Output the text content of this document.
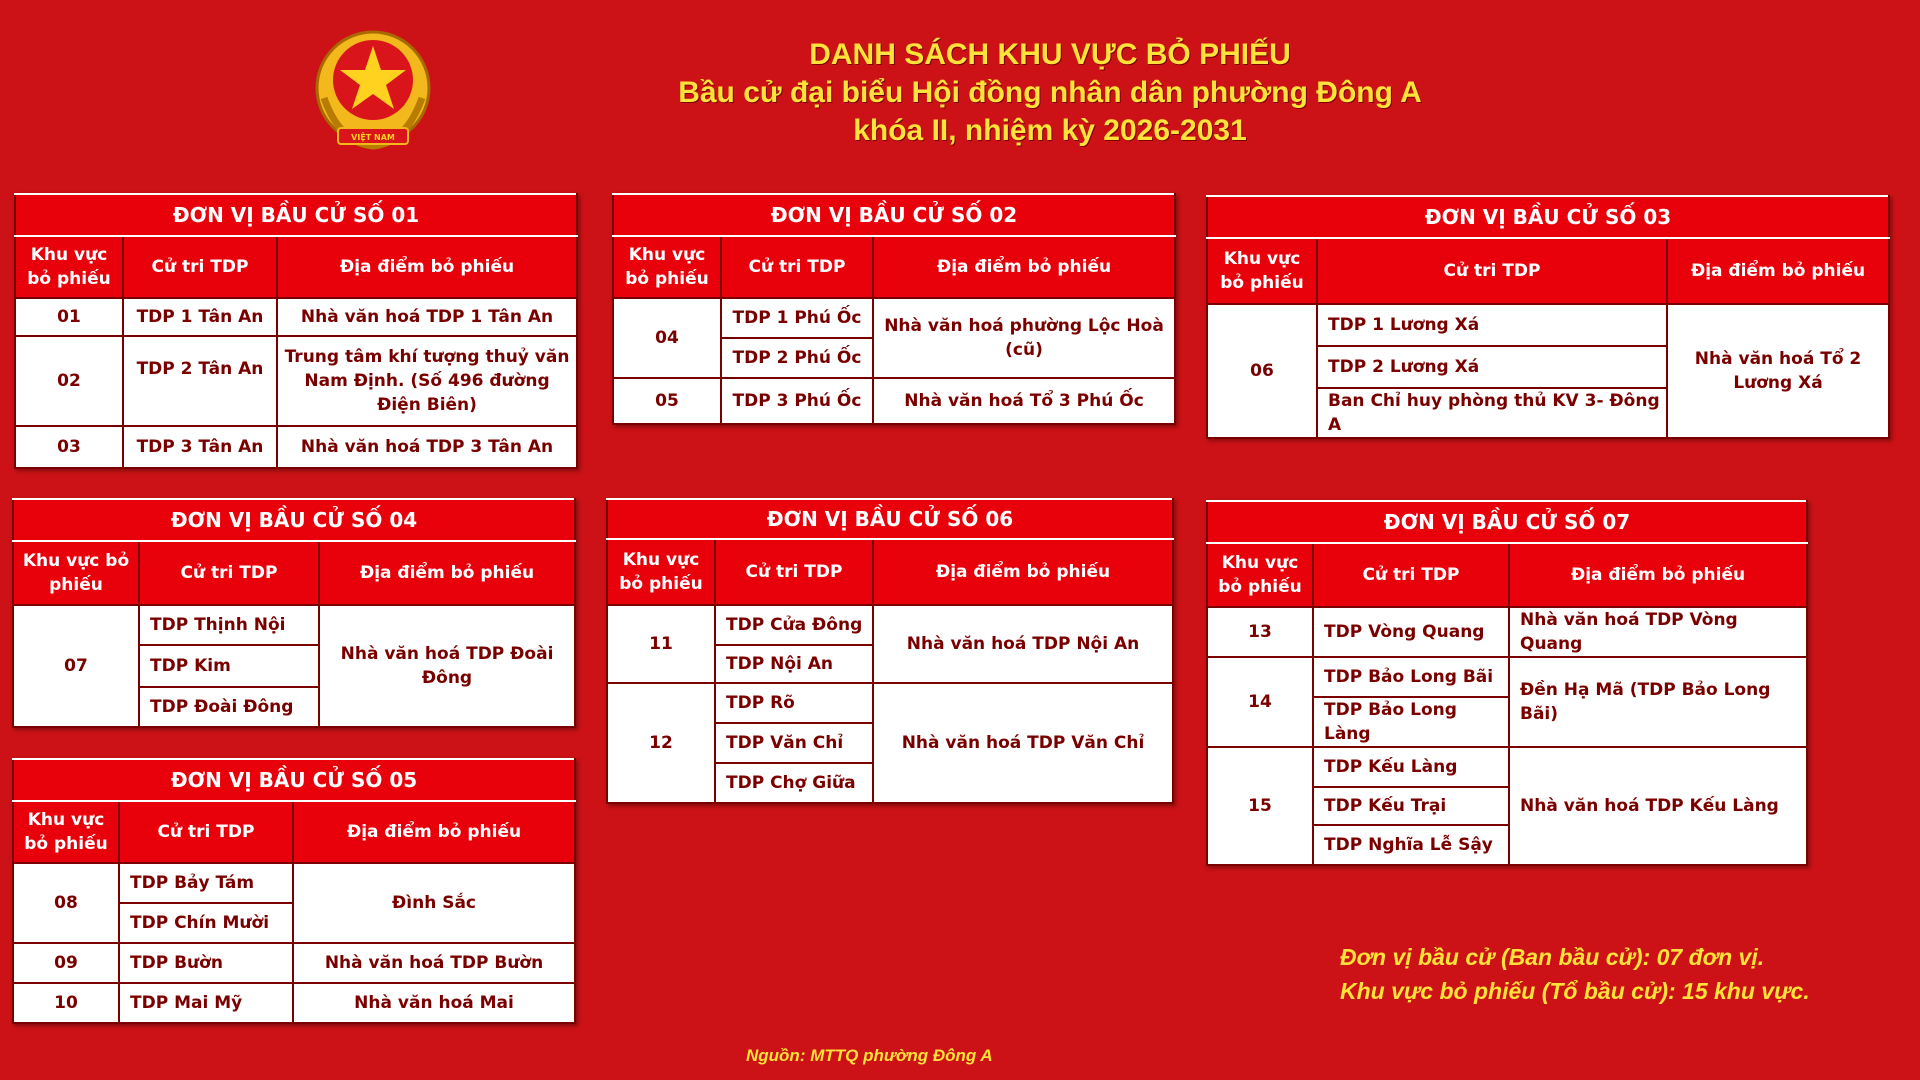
VIỆT NAM
DANH SÁCH KHU VỰC BỎ PHIẾU
Bầu cử đại biểu Hội đồng nhân dân phường Đông A
khóa II, nhiệm kỳ 2026-2031
ĐƠN VỊ BẦU CỬ SỐ 01		
Khu vực bỏ phiếu	Cử tri TDP	Địa điểm bỏ phiếu
01	TDP 1 Tân An	Nhà văn hoá TDP 1 Tân An
02	TDP 2 Tân An	Trung tâm khí tượng thuỷ văn Nam Định. (Số 496 đường Điện Biên)
03	TDP 3 Tân An	Nhà văn hoá TDP 3 Tân An
ĐƠN VỊ BẦU CỬ SỐ 02		
Khu vực bỏ phiếu	Cử tri TDP	Địa điểm bỏ phiếu
04	TDP 1 Phú Ốc	Nhà văn hoá phường Lộc Hoà (cũ)
	TDP 2 Phú Ốc	
05	TDP 3 Phú Ốc	Nhà văn hoá Tổ 3 Phú Ốc
ĐƠN VỊ BẦU CỬ SỐ 03		
Khu vực bỏ phiếu	Cử tri TDP	Địa điểm bỏ phiếu
06	TDP 1 Lương Xá	Nhà văn hoá Tổ 2 Lương Xá
	TDP 2 Lương Xá	
	Ban Chỉ huy phòng thủ KV 3- Đông A	
ĐƠN VỊ BẦU CỬ SỐ 04		
Khu vực bỏ phiếu	Cử tri TDP	Địa điểm bỏ phiếu
07	TDP Thịnh Nội	Nhà văn hoá TDP Đoài Đông
	TDP Kim	
	TDP Đoài Đông	
ĐƠN VỊ BẦU CỬ SỐ 05		
Khu vực bỏ phiếu	Cử tri TDP	Địa điểm bỏ phiếu
08	TDP Bảy Tám	Đình Sắc
	TDP Chín Mười	
09	TDP Bườn	Nhà văn hoá TDP Bườn
10	TDP Mai Mỹ	Nhà văn hoá Mai
ĐƠN VỊ BẦU CỬ SỐ 06		
Khu vực bỏ phiếu	Cử tri TDP	Địa điểm bỏ phiếu
11	TDP Cửa Đông	Nhà văn hoá TDP Nội An
	TDP Nội An	
12	TDP Rõ	Nhà văn hoá TDP Văn Chỉ
	TDP Văn Chỉ	
	TDP Chợ Giữa	
ĐƠN VỊ BẦU CỬ SỐ 07		
Khu vực bỏ phiếu	Cử tri TDP	Địa điểm bỏ phiếu
13	TDP Vòng Quang	Nhà văn hoá TDP Vòng Quang
14	TDP Bảo Long Bãi	Đền Hạ Mã (TDP Bảo Long Bãi)
	TDP Bảo Long Làng	
15	TDP Kếu Làng	Nhà văn hoá TDP Kếu Làng
	TDP Kếu Trại	
	TDP Nghĩa Lễ Sậy	
Đơn vị bầu cử (Ban bầu cử): 07 đơn vị.
Khu vực bỏ phiếu (Tổ bầu cử): 15 khu vực.
Nguồn: MTTQ phường Đông A
